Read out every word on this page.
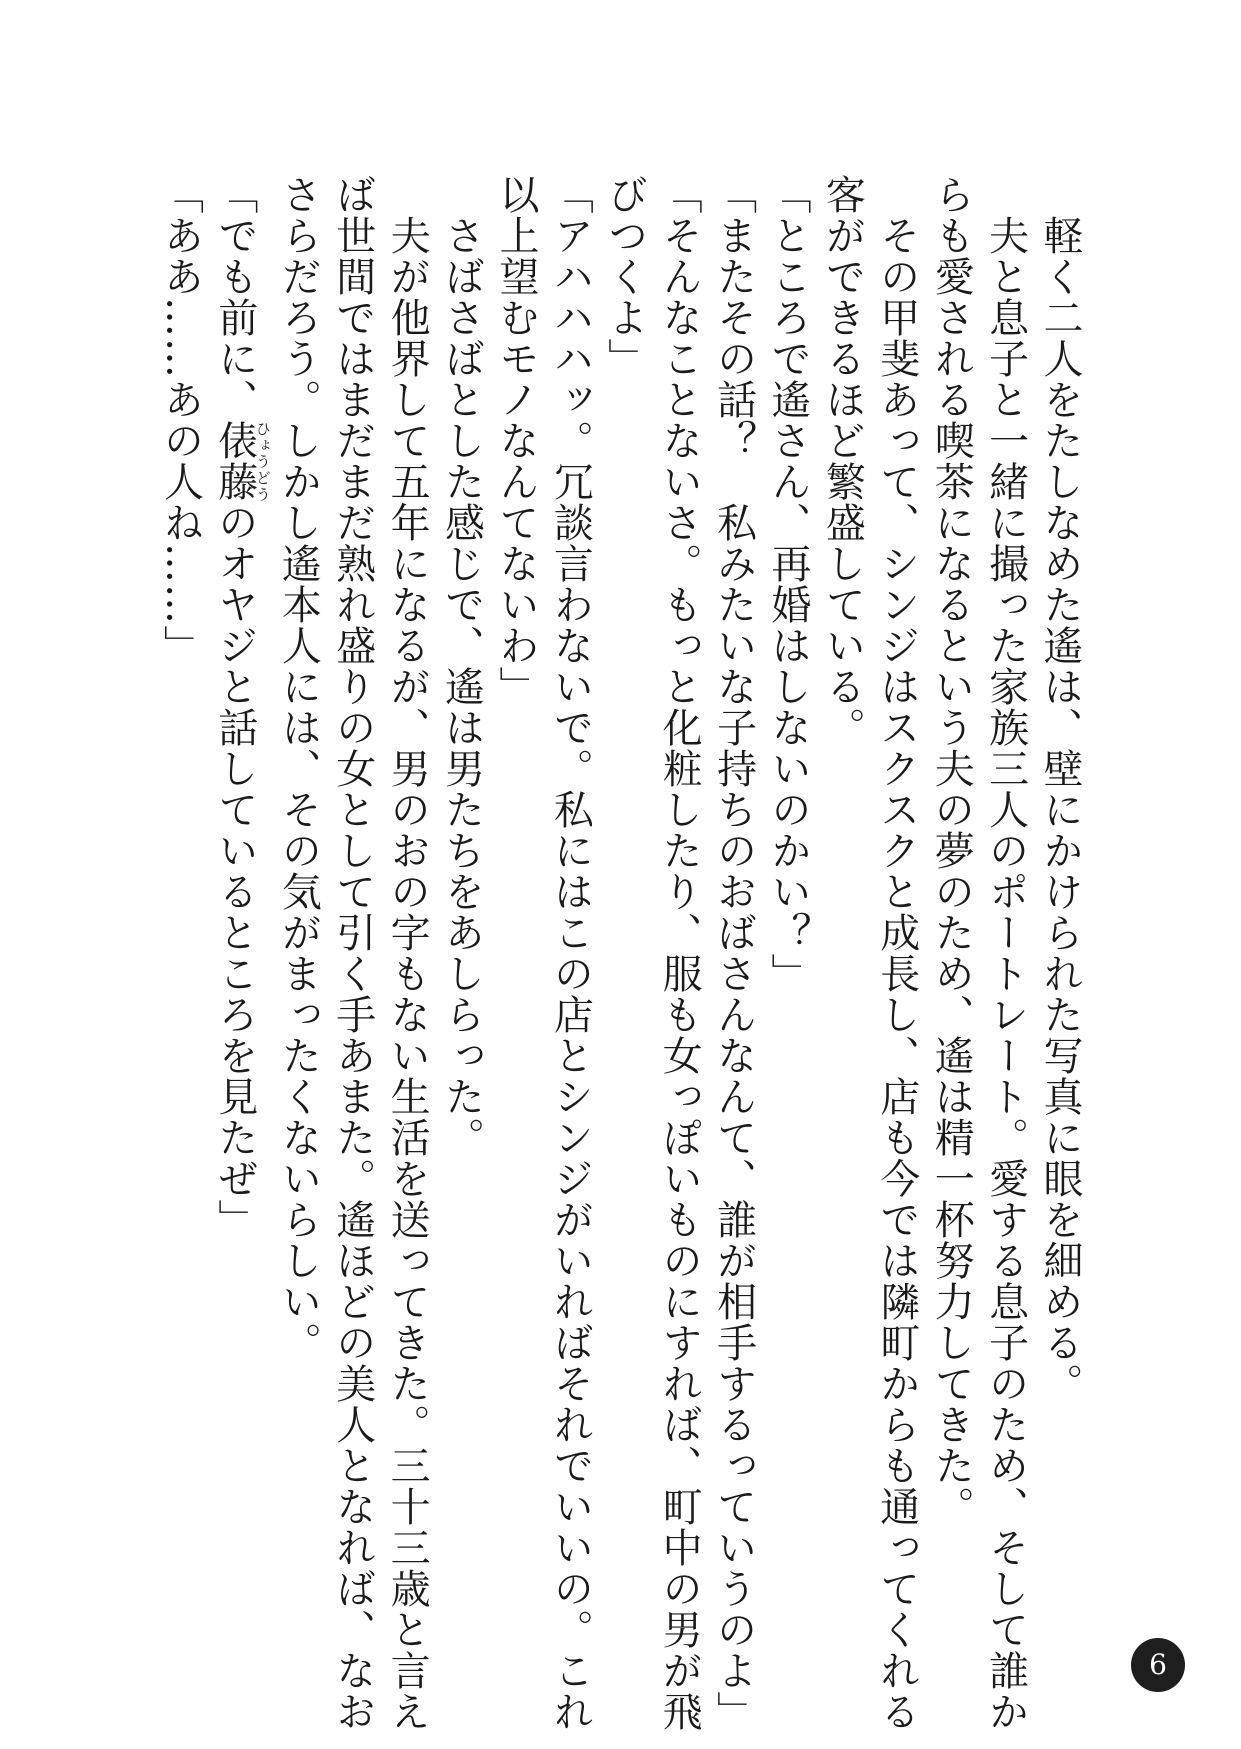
　軽く二人をたしなめた遙は、壁にかけられた写真に眼を細める。
　夫と息子と一緒に撮った家族三人のポートレート。愛する息子のため、そして誰か
らも愛される喫茶になるという夫の夢のため、遙は精一杯努力してきた。
　その甲斐あって、シンジはスクスクと成長し、店も今では隣町からも通ってくれる
客ができるほど繁盛している。
「ところで遙さん、再婚はしないのかい？」
「またその話？　私みたいな子持ちのおばさんなんて、誰が相手するっていうのよ」
「そんなことないさ。もっと化粧したり、服も女っぽいものにすれば、町中の男が飛
びつくよ」
「アハハハッ。冗談言わないで。私にはこの店とシンジがいればそれでいいの。これ
以上望むモノなんてないわ」
　さばさばとした感じで、遙は男たちをあしらった。
　夫が他界して五年になるが、男のおの字もない生活を送ってきた。三十三歳と言え
ば世間ではまだまだ熟れ盛りの女として引く手あまた。遙ほどの美人となれば、なお
さらだろう。しかし遙本人には、その気がまったくないらしい。
「でも前に、俵藤ひょうどうのオヤジと話しているところを見たぜ」
「ああ……あの人ね……」
6
